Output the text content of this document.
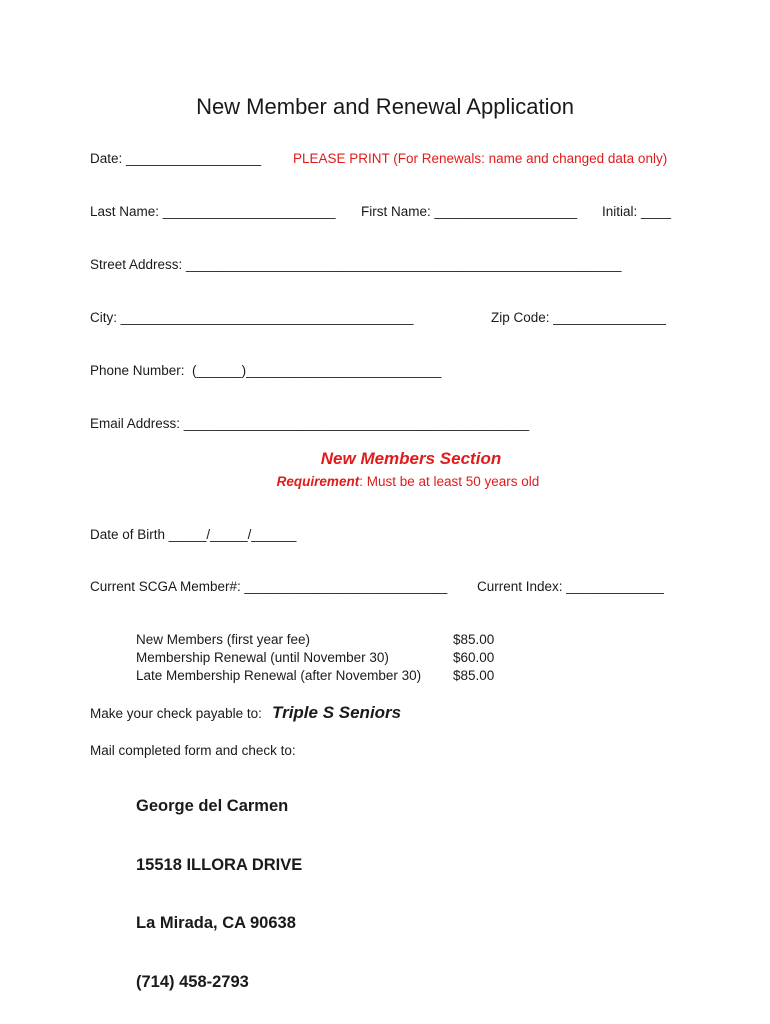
New Member and Renewal Application
Date: __________________ PLEASE PRINT (For Renewals: name and changed data only)
Last Name: _______________________ First Name: ___________________ Initial: ____
Street Address: __________________________________________________________
City: _______________________________________	Zip Code: _______________
Phone Number:  (______)__________________________
Email Address: ______________________________________________
New Members Section
Requirement: Must be at least 50 years old
Date of Birth _____/_____/______
Current SCGA Member#: ___________________________ Current Index: _____________
New Members (first year fee)	$85.00
Membership Renewal (until November 30)	$60.00
Late Membership Renewal (after November 30) $85.00
Make your check payable to: Triple S Seniors
Mail completed form and check to:

George del Carmen

15518 ILLORA DRIVE

La Mirada, CA 90638

(714) 458-2793
